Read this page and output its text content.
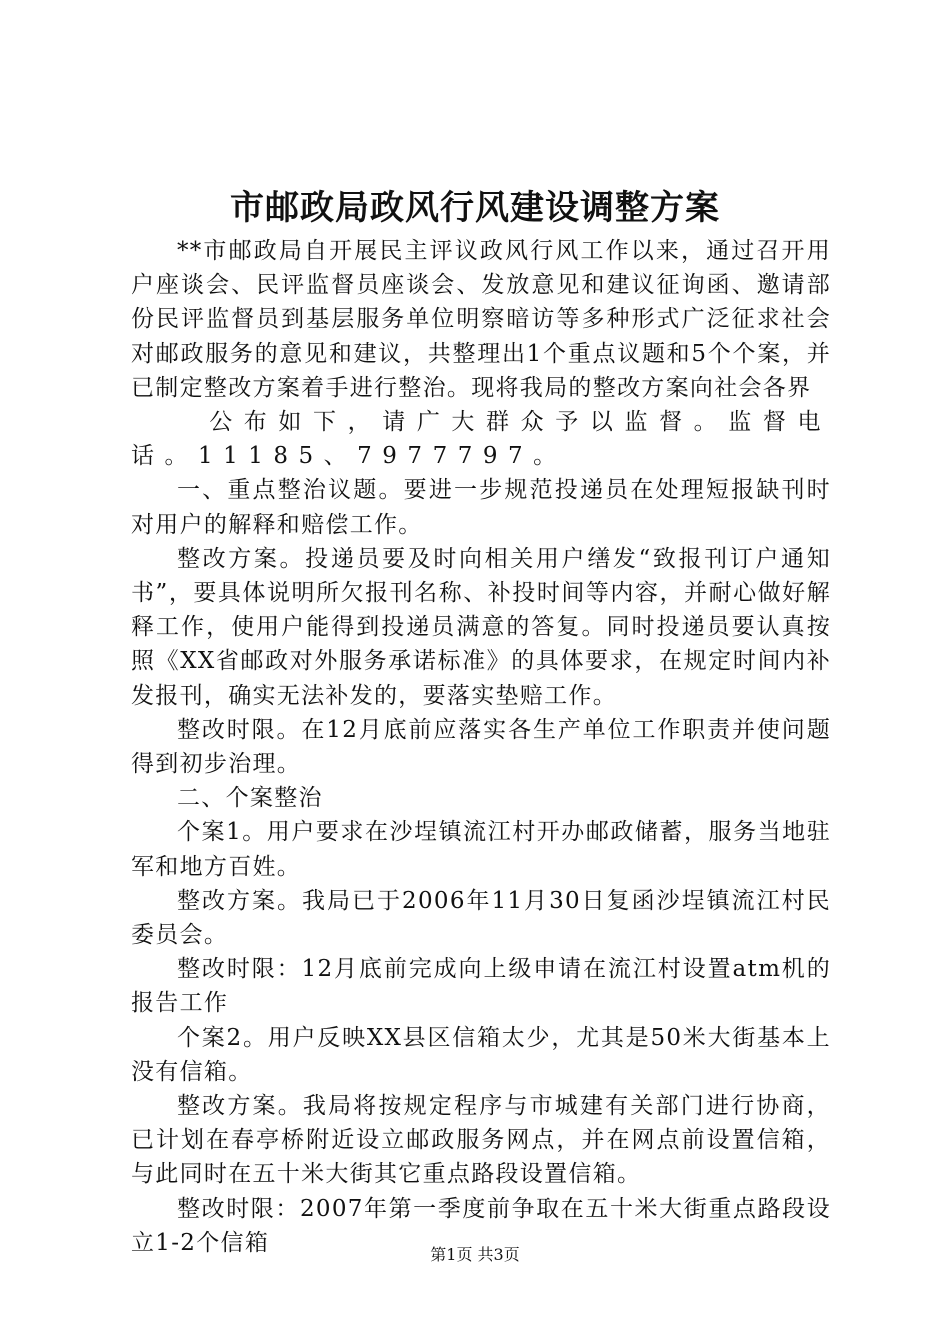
市邮政局政风行风建设调整方案

**市邮政局自开展民主评议政风行风工作以来，通过召开用户座谈会、民评监督员座谈会、发放意见和建议征询函、邀请部份民评监督员到基层服务单位明察暗访等多种形式广泛征求社会对邮政服务的意见和建议，共整理出1个重点议题和5个个案，并已制定整改方案着手进行整治。现将我局的整改方案向社会各界

公布如下，请广大群众予以监督。监督电话。11185、7977797。

一、重点整治议题。要进一步规范投递员在处理短报缺刊时对用户的解释和赔偿工作。

整改方案。投递员要及时向相关用户缮发“致报刊订户通知书”，要具体说明所欠报刊名称、补投时间等内容，并耐心做好解释工作，使用户能得到投递员满意的答复。同时投递员要认真按照《XX省邮政对外服务承诺标准》的具体要求，在规定时间内补发报刊，确实无法补发的，要落实垫赔工作。

整改时限。在12月底前应落实各生产单位工作职责并使问题得到初步治理。

二、个案整治

个案1。用户要求在沙埕镇流江村开办邮政储蓄，服务当地驻军和地方百姓。

整改方案。我局已于2006年11月30日复函沙埕镇流江村民委员会。

整改时限：12月底前完成向上级申请在流江村设置atm机的报告工作

个案2。用户反映XX县区信箱太少，尤其是50米大街基本上没有信箱。

整改方案。我局将按规定程序与市城建有关部门进行协商，已计划在春亭桥附近设立邮政服务网点，并在网点前设置信箱，与此同时在五十米大街其它重点路段设置信箱。

整改时限：2007年第一季度前争取在五十米大街重点路段设立1-2个信箱	第1页 共3页
